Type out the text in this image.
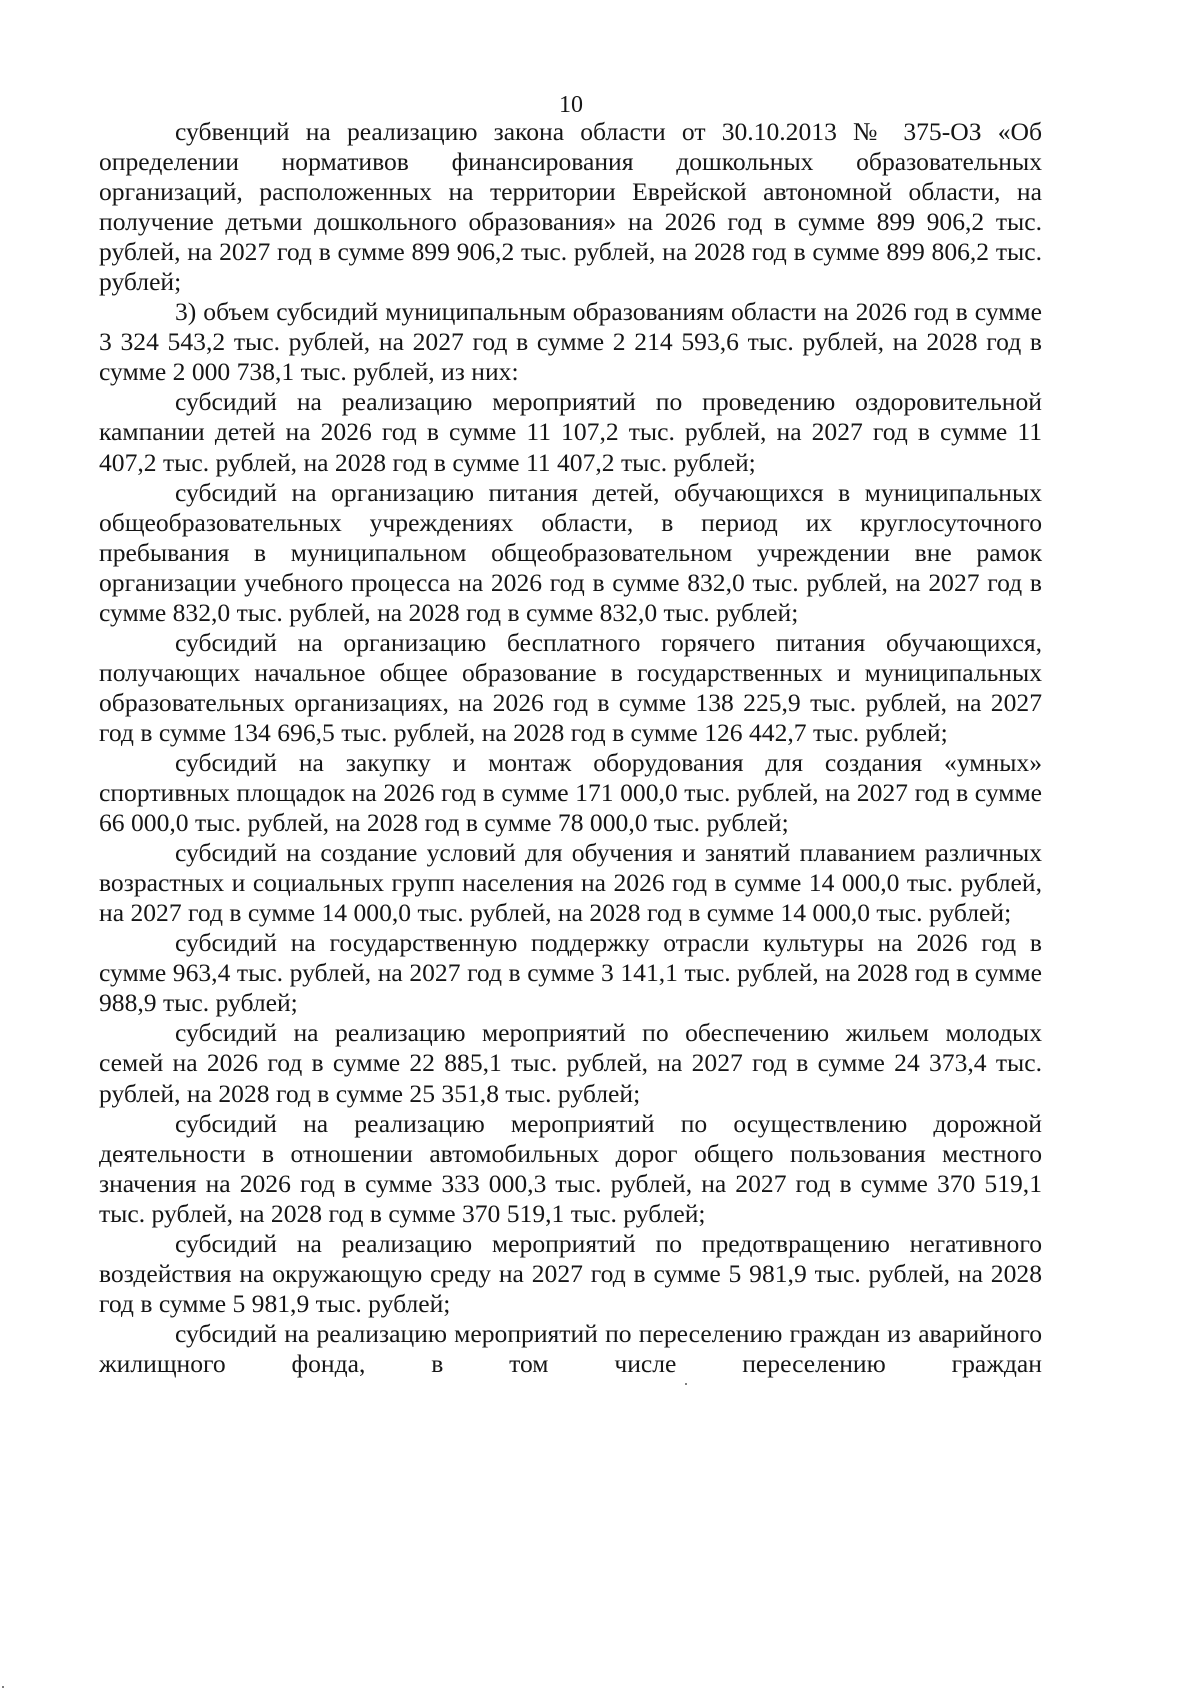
10

субвенций на реализацию закона области от 30.10.2013 № 375-ОЗ «Об определении нормативов финансирования дошкольных образовательных организаций, расположенных на территории Еврейской автономной области, на получение детьми дошкольного образования» на 2026 год в сумме 899 906,2 тыс. рублей, на 2027 год в сумме 899 906,2 тыс. рублей, на 2028 год в сумме 899 806,2 тыс. рублей;

3) объем субсидий муниципальным образованиям области на 2026 год в сумме 3 324 543,2 тыс. рублей, на 2027 год в сумме 2 214 593,6 тыс. рублей, на 2028 год в сумме 2 000 738,1 тыс. рублей, из них:

субсидий на реализацию мероприятий по проведению оздоровительной кампании детей на 2026 год в сумме 11 107,2 тыс. рублей, на 2027 год в сумме 11 407,2 тыс. рублей, на 2028 год в сумме 11 407,2 тыс. рублей;

субсидий на организацию питания детей, обучающихся в муниципальных общеобразовательных учреждениях области, в период их круглосуточного пребывания в муниципальном общеобразовательном учреждении вне рамок организации учебного процесса на 2026 год в сумме 832,0 тыс. рублей, на 2027 год в сумме 832,0 тыс. рублей, на 2028 год в сумме 832,0 тыс. рублей;

субсидий на организацию бесплатного горячего питания обучающихся, получающих начальное общее образование в государственных и муниципальных образовательных организациях, на 2026 год в сумме 138 225,9 тыс. рублей, на 2027 год в сумме 134 696,5 тыс. рублей, на 2028 год в сумме 126 442,7 тыс. рублей;

субсидий на закупку и монтаж оборудования для создания «умных» спортивных площадок на 2026 год в сумме 171 000,0 тыс. рублей, на 2027 год в сумме 66 000,0 тыс. рублей, на 2028 год в сумме 78 000,0 тыс. рублей;

субсидий на создание условий для обучения и занятий плаванием различных возрастных и социальных групп населения на 2026 год в сумме 14 000,0 тыс. рублей, на 2027 год в сумме 14 000,0 тыс. рублей, на 2028 год в сумме 14 000,0 тыс. рублей;

субсидий на государственную поддержку отрасли культуры на 2026 год в сумме 963,4 тыс. рублей, на 2027 год в сумме 3 141,1 тыс. рублей, на 2028 год в сумме 988,9 тыс. рублей;

субсидий на реализацию мероприятий по обеспечению жильем молодых семей на 2026 год в сумме 22 885,1 тыс. рублей, на 2027 год в сумме 24 373,4 тыс. рублей, на 2028 год в сумме 25 351,8 тыс. рублей;

субсидий на реализацию мероприятий по осуществлению дорожной деятельности в отношении автомобильных дорог общего пользования местного значения на 2026 год в сумме 333 000,3 тыс. рублей, на 2027 год в сумме 370 519,1 тыс. рублей, на 2028 год в сумме 370 519,1 тыс. рублей;

субсидий на реализацию мероприятий по предотвращению негативного воздействия на окружающую среду на 2027 год в сумме 5 981,9 тыс. рублей, на 2028 год в сумме 5 981,9 тыс. рублей;

субсидий на реализацию мероприятий по переселению граждан из аварийного жилищного фонда, в том числе переселению граждан
